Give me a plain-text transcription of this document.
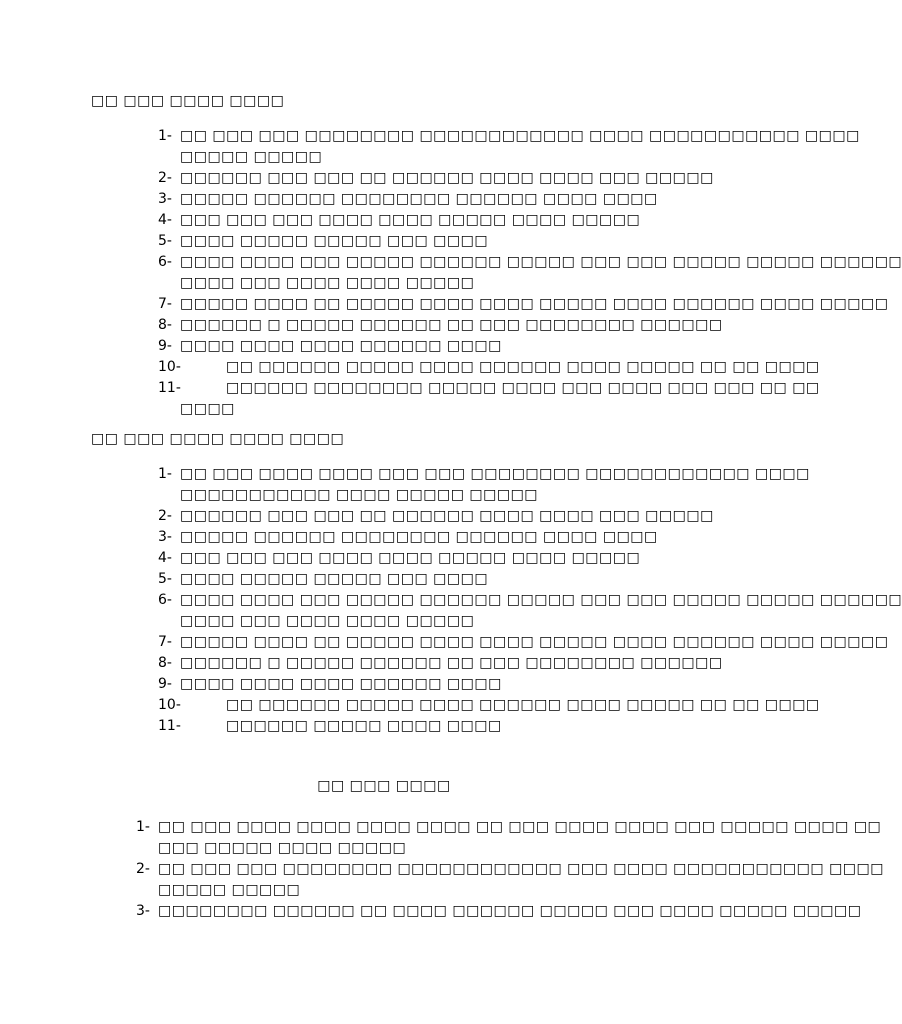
□□ □□□ □□□□ □□□□
1- □□ □□□ □□□ □□□□□□□□ □□□□□□□□□□□□ □□□□ □□□□□□□□□□□ □□□□
□□□□□ □□□□□
2- □□□□□□ □□□ □□□ □□ □□□□□□ □□□□ □□□□ □□□ □□□□□
3- □□□□□ □□□□□□ □□□□□□□□ □□□□□□ □□□□ □□□□
4- □□□ □□□ □□□ □□□□ □□□□ □□□□□ □□□□ □□□□□
5- □□□□ □□□□□ □□□□□ □□□ □□□□
6- □□□□ □□□□ □□□ □□□□□ □□□□□□ □□□□□ □□□ □□□ □□□□□ □□□□□ □□□□□□
□□□□ □□□ □□□□ □□□□ □□□□□
7- □□□□□ □□□□ □□ □□□□□ □□□□ □□□□ □□□□□ □□□□ □□□□□□ □□□□ □□□□□
8- □□□□□□ □ □□□□□ □□□□□□ □□ □□□ □□□□□□□□ □□□□□□
9- □□□□ □□□□ □□□□ □□□□□□ □□□□
10-	□□ □□□□□□ □□□□□ □□□□ □□□□□□ □□□□ □□□□□ □□ □□ □□□□
11-	□□□□□□ □□□□□□□□ □□□□□ □□□□ □□□ □□□□ □□□ □□□ □□ □□
□□□□
□□ □□□ □□□□ □□□□ □□□□
1- □□ □□□ □□□□ □□□□ □□□ □□□ □□□□□□□□ □□□□□□□□□□□□ □□□□
□□□□□□□□□□□ □□□□ □□□□□ □□□□□
2- □□□□□□ □□□ □□□ □□ □□□□□□ □□□□ □□□□ □□□ □□□□□
3- □□□□□ □□□□□□ □□□□□□□□ □□□□□□ □□□□ □□□□
4- □□□ □□□ □□□ □□□□ □□□□ □□□□□ □□□□ □□□□□
5- □□□□ □□□□□ □□□□□ □□□ □□□□
6- □□□□ □□□□ □□□ □□□□□ □□□□□□ □□□□□ □□□ □□□ □□□□□ □□□□□ □□□□□□
□□□□ □□□ □□□□ □□□□ □□□□□
7- □□□□□ □□□□ □□ □□□□□ □□□□ □□□□ □□□□□ □□□□ □□□□□□ □□□□ □□□□□
8- □□□□□□ □ □□□□□ □□□□□□ □□ □□□ □□□□□□□□ □□□□□□
9- □□□□ □□□□ □□□□ □□□□□□ □□□□
10-	□□ □□□□□□ □□□□□ □□□□ □□□□□□ □□□□ □□□□□ □□ □□ □□□□
11-	□□□□□□ □□□□□ □□□□ □□□□
□□ □□□ □□□□
1- □□ □□□ □□□□ □□□□ □□□□ □□□□ □□ □□□ □□□□ □□□□ □□□ □□□□□ □□□□ □□
□□□ □□□□□ □□□□ □□□□□
2- □□ □□□ □□□ □□□□□□□□ □□□□□□□□□□□□ □□□ □□□□ □□□□□□□□□□□ □□□□
□□□□□ □□□□□
3- □□□□□□□□ □□□□□□ □□ □□□□ □□□□□□ □□□□□ □□□ □□□□ □□□□□ □□□□□
